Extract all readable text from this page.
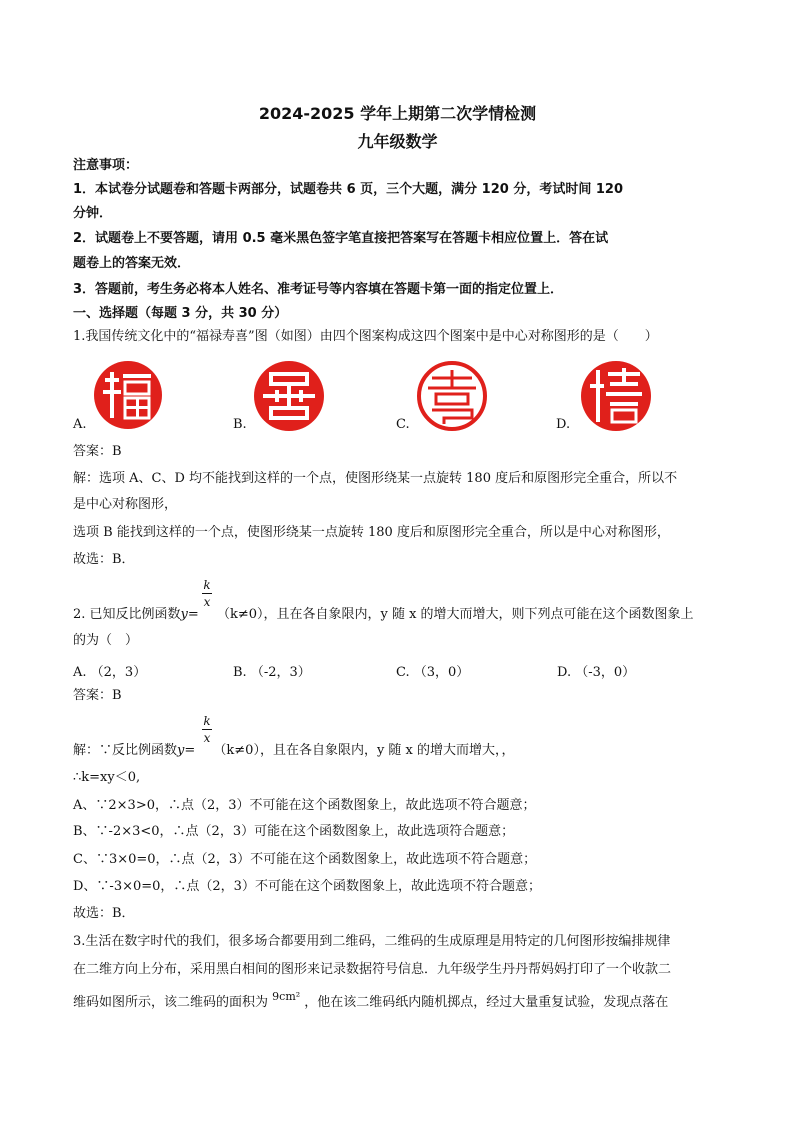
2024-2025 学年上期第二次学情检测
九年级数学
注意事项：
1．本试卷分试题卷和答题卡两部分，试题卷共 6 页，三个大题，满分 120 分，考试时间 120
分钟．
2．试题卷上不要答题，请用 0.5 毫米黑色签字笔直接把答案写在答题卡相应位置上．答在试
题卷上的答案无效．
3．答题前，考生务必将本人姓名、准考证号等内容填在答题卡第一面的指定位置上．
一、选择题（每题 3 分，共 30 分）
1.我国传统文化中的“福禄寿喜”图（如图）由四个图案构成这四个图案中是中心对称图形的是（　　）
A.	B.	C.	D.
答案：B
解：选项 A、C、D 均不能找到这样的一个点，使图形绕某一点旋转 180 度后和原图形完全重合，所以不
是中心对称图形，
选项 B 能找到这样的一个点，使图形绕某一点旋转 180 度后和原图形完全重合，所以是中心对称图形，
故选：B．
k
x
2. 已知反比例函数y= （k≠0），且在各自象限内，y 随 x 的增大而增大，则下列点可能在这个函数图象上
的为（　）
A. （2，3）	B. （-2，3）	C. （3，0）	D. （-3，0）
答案：B
k
x
解：∵反比例函数y= （k≠0），且在各自象限内，y 随 x 的增大而增大，，
∴k=xy＜0,
A、∵2×3>0，∴点（2，3）不可能在这个函数图象上，故此选项不符合题意；
B、∵-2×3<0，∴点（2，3）可能在这个函数图象上，故此选项符合题意；
C、∵3×0=0，∴点（2，3）不可能在这个函数图象上，故此选项不符合题意；
D、∵-3×0=0，∴点（2，3）不可能在这个函数图象上，故此选项不符合题意；
故选：B．
3.生活在数字时代的我们，很多场合都要用到二维码，二维码的生成原理是用特定的几何图形按编排规律
在二维方向上分布，采用黑白相间的图形来记录数据符号信息．九年级学生丹丹帮妈妈打印了一个收款二
维码如图所示，该二维码的面积为 $^{9cm^2}$ ，他在该二维码纸内随机掷点，经过大量重复试验，发现点落在
